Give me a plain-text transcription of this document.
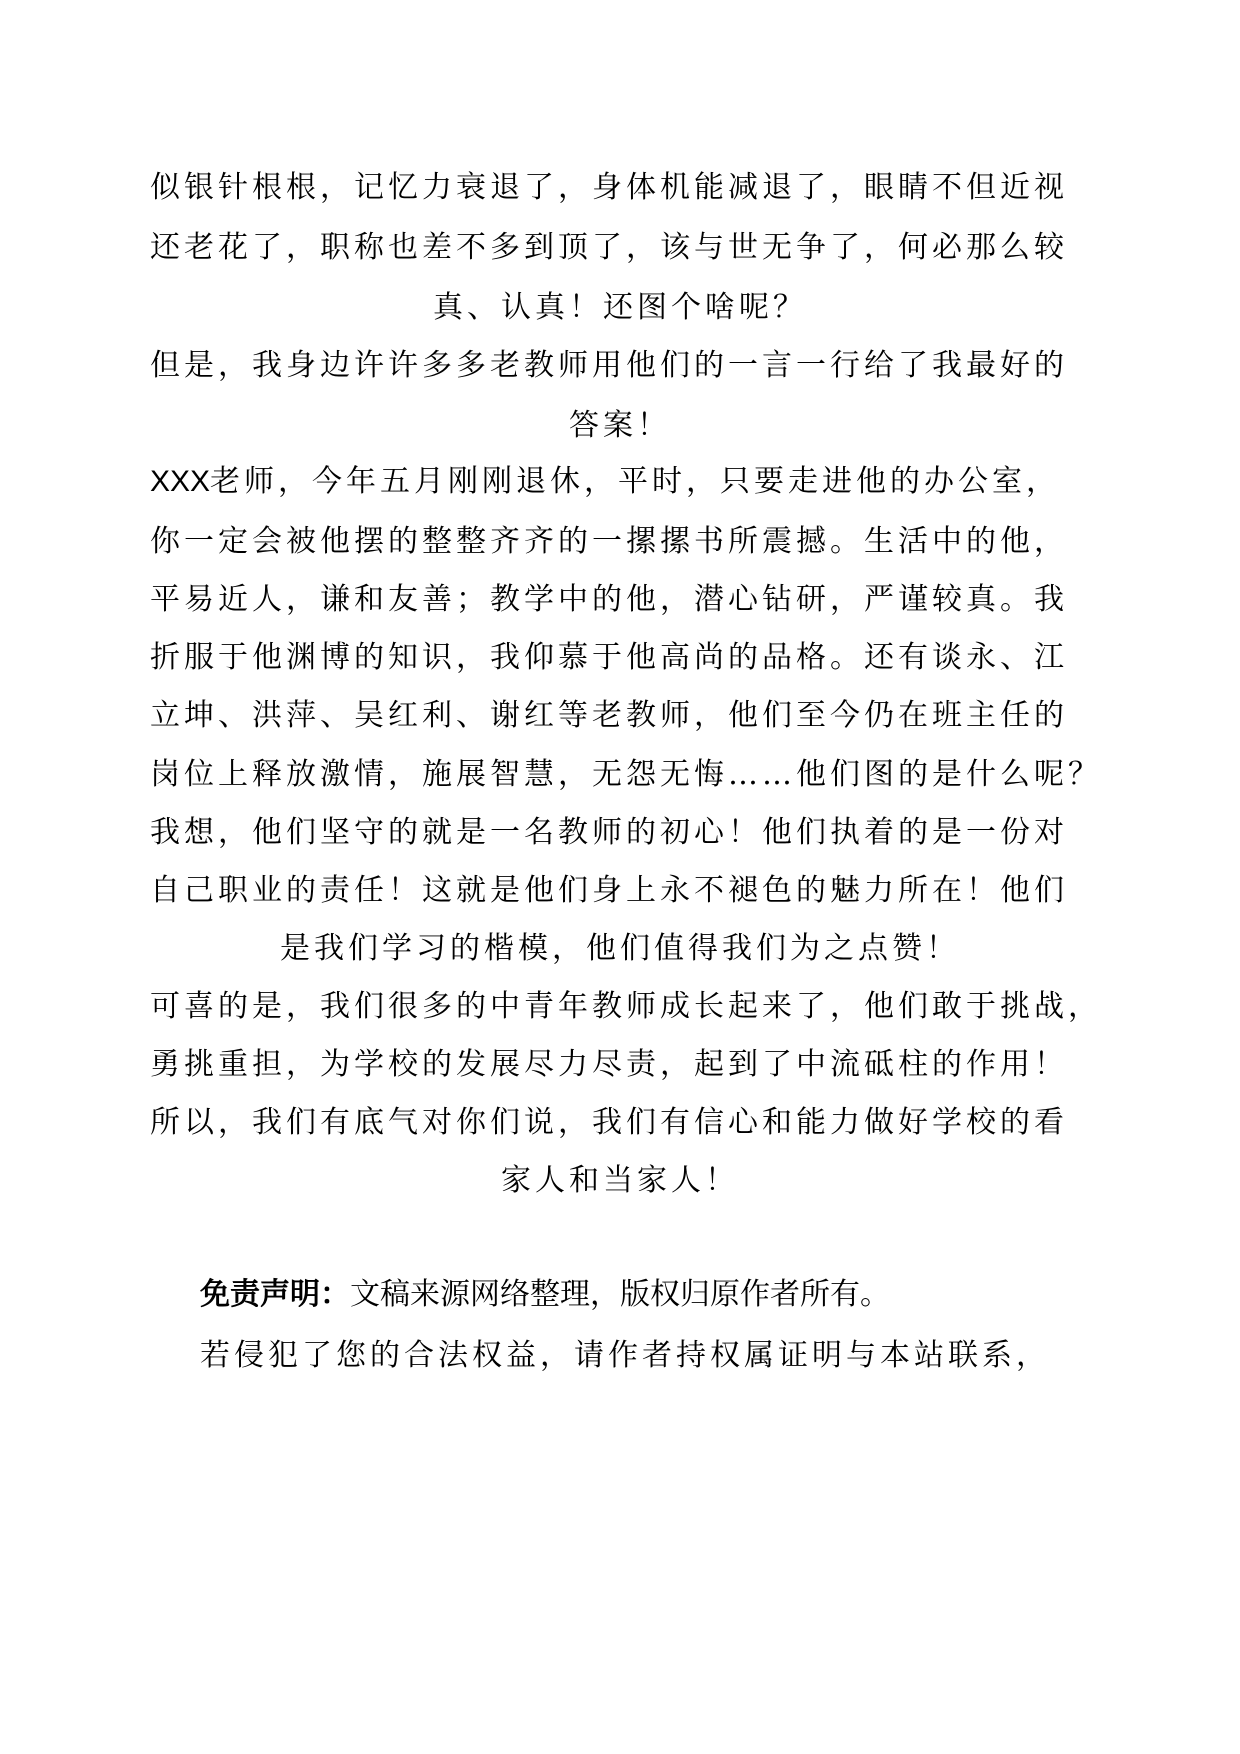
似银针根根，记忆力衰退了，身体机能减退了，眼睛不但近视
还老花了，职称也差不多到顶了，该与世无争了，何必那么较
真、认真！还图个啥呢？
但是，我身边许许多多老教师用他们的一言一行给了我最好的
答案！
XXX老师，今年五月刚刚退休，平时，只要走进他的办公室，
你一定会被他摆的整整齐齐的一摞摞书所震撼。生活中的他，
平易近人，谦和友善；教学中的他，潜心钻研，严谨较真。我
折服于他渊博的知识，我仰慕于他高尚的品格。还有谈永、江
立坤、洪萍、吴红利、谢红等老教师，他们至今仍在班主任的
岗位上释放激情，施展智慧，无怨无悔……他们图的是什么呢？
我想，他们坚守的就是一名教师的初心！他们执着的是一份对
自己职业的责任！这就是他们身上永不褪色的魅力所在！他们
是我们学习的楷模，他们值得我们为之点赞！
可喜的是，我们很多的中青年教师成长起来了，他们敢于挑战，
勇挑重担，为学校的发展尽力尽责，起到了中流砥柱的作用！
所以，我们有底气对你们说，我们有信心和能力做好学校的看
家人和当家人！
免责声明：文稿来源网络整理，版权归原作者所有。
若侵犯了您的合法权益，请作者持权属证明与本站联系，
